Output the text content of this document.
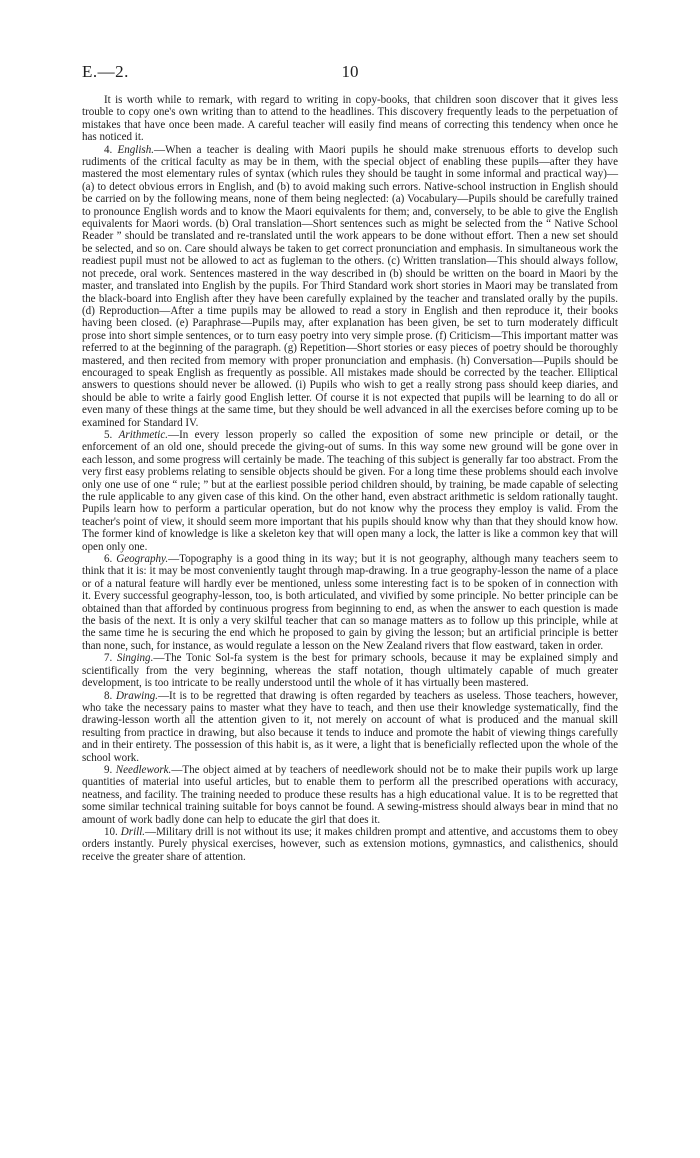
E.—2.	10

It is worth while to remark, with regard to writing in copy-books, that children soon discover that it gives less trouble to copy one's own writing than to attend to the headlines. This discovery frequently leads to the perpetuation of mistakes that have once been made. A careful teacher will easily find means of correcting this tendency when once he has noticed it.

4. English.—When a teacher is dealing with Maori pupils he should make strenuous efforts to develop such rudiments of the critical faculty as may be in them, with the special object of enabling these pupils—after they have mastered the most elementary rules of syntax (which rules they should be taught in some informal and practical way)—(a) to detect obvious errors in English, and (b) to avoid making such errors. Native-school instruction in English should be carried on by the following means, none of them being neglected: (a) Vocabulary—Pupils should be carefully trained to pronounce English words and to know the Maori equivalents for them; and, conversely, to be able to give the English equivalents for Maori words. (b) Oral translation—Short sentences such as might be selected from the “ Native School Reader ” should be translated and re-translated until the work appears to be done without effort. Then a new set should be selected, and so on. Care should always be taken to get correct pronunciation and emphasis. In simultaneous work the readiest pupil must not be allowed to act as fugleman to the others. (c) Written translation—This should always follow, not precede, oral work. Sentences mastered in the way described in (b) should be written on the board in Maori by the master, and translated into English by the pupils. For Third Standard work short stories in Maori may be translated from the black-board into English after they have been carefully explained by the teacher and translated orally by the pupils. (d) Reproduction—After a time pupils may be allowed to read a story in English and then reproduce it, their books having been closed. (e) Paraphrase—Pupils may, after explanation has been given, be set to turn moderately difficult prose into short simple sentences, or to turn easy poetry into very simple prose. (f) Criticism—This important matter was referred to at the beginning of the paragraph. (g) Repetition—Short stories or easy pieces of poetry should be thoroughly mastered, and then recited from memory with proper pronunciation and emphasis. (h) Conversation—Pupils should be encouraged to speak English as frequently as possible. All mistakes made should be corrected by the teacher. Elliptical answers to questions should never be allowed. (i) Pupils who wish to get a really strong pass should keep diaries, and should be able to write a fairly good English letter. Of course it is not expected that pupils will be learning to do all or even many of these things at the same time, but they should be well advanced in all the exercises before coming up to be examined for Standard IV.

5. Arithmetic.—In every lesson properly so called the exposition of some new principle or detail, or the enforcement of an old one, should precede the giving-out of sums. In this way some new ground will be gone over in each lesson, and some progress will certainly be made. The teaching of this subject is generally far too abstract. From the very first easy problems relating to sensible objects should be given. For a long time these problems should each involve only one use of one “ rule; ” but at the earliest possible period children should, by training, be made capable of selecting the rule applicable to any given case of this kind. On the other hand, even abstract arithmetic is seldom rationally taught. Pupils learn how to perform a particular operation, but do not know why the process they employ is valid. From the teacher's point of view, it should seem more important that his pupils should know why than that they should know how. The former kind of knowledge is like a skeleton key that will open many a lock, the latter is like a common key that will open only one.

6. Geography.—Topography is a good thing in its way; but it is not geography, although many teachers seem to think that it is: it may be most conveniently taught through map-drawing. In a true geography-lesson the name of a place or of a natural feature will hardly ever be mentioned, unless some interesting fact is to be spoken of in connection with it. Every successful geography-lesson, too, is both articulated, and vivified by some principle. No better principle can be obtained than that afforded by continuous progress from beginning to end, as when the answer to each question is made the basis of the next. It is only a very skilful teacher that can so manage matters as to follow up this principle, while at the same time he is securing the end which he proposed to gain by giving the lesson; but an artificial principle is better than none, such, for instance, as would regulate a lesson on the New Zealand rivers that flow eastward, taken in order.

7. Singing.—The Tonic Sol-fa system is the best for primary schools, because it may be explained simply and scientifically from the very beginning, whereas the staff notation, though ultimately capable of much greater development, is too intricate to be really understood until the whole of it has virtually been mastered.

8. Drawing.—It is to be regretted that drawing is often regarded by teachers as useless. Those teachers, however, who take the necessary pains to master what they have to teach, and then use their knowledge systematically, find the drawing-lesson worth all the attention given to it, not merely on account of what is produced and the manual skill resulting from practice in drawing, but also because it tends to induce and promote the habit of viewing things carefully and in their entirety. The possession of this habit is, as it were, a light that is beneficially reflected upon the whole of the school work.

9. Needlework.—The object aimed at by teachers of needlework should not be to make their pupils work up large quantities of material into useful articles, but to enable them to perform all the prescribed operations with accuracy, neatness, and facility. The training needed to produce these results has a high educational value. It is to be regretted that some similar technical training suitable for boys cannot be found. A sewing-mistress should always bear in mind that no amount of work badly done can help to educate the girl that does it.

10. Drill.—Military drill is not without its use; it makes children prompt and attentive, and accustoms them to obey orders instantly. Purely physical exercises, however, such as extension motions, gymnastics, and calisthenics, should receive the greater share of attention.
